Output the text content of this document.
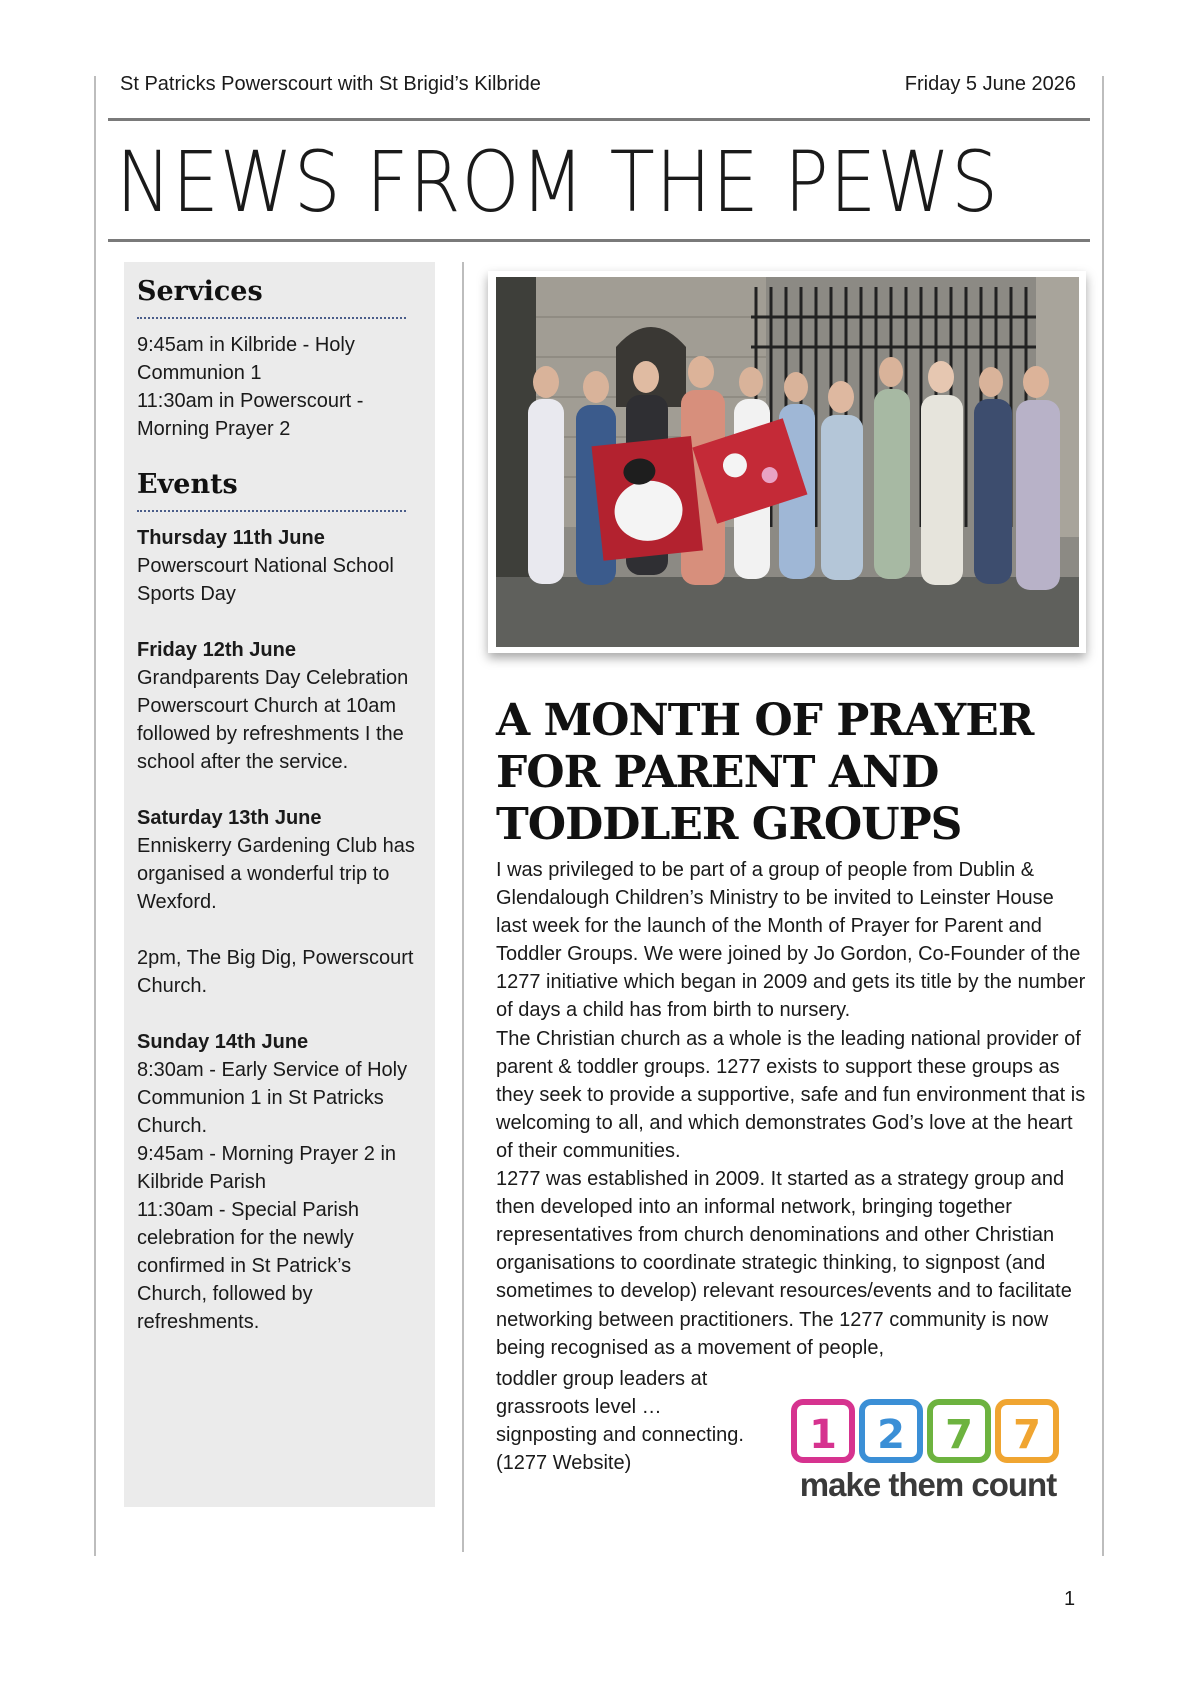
St Patricks Powerscourt with St Brigid’s Kilbride	Friday 5 June 2026
NEWS FROM THE PEWS
Services

9:45am in Kilbride - Holy Communion 1

11:30am in Powerscourt - Morning Prayer 2

Events
Thursday 11th June

Powerscourt National School Sports Day

Friday 12th June

Grandparents Day Celebration Powerscourt Church at 10am followed by refreshments I the school after the service.

Saturday 13th June

Enniskerry Gardening Club has organised a wonderful trip to Wexford.

2pm, The Big Dig, Powerscourt Church.

Sunday 14th June

8:30am - Early Service of Holy Communion 1 in St Patricks Church.

9:45am - Morning Prayer 2 in Kilbride Parish

11:30am - Special Parish celebration for the newly confirmed in St Patrick’s Church, followed by refreshments.

A MONTH OF PRAYER FOR PARENT AND TODDLER GROUPS

I was privileged to be part of a group of people from Dublin & Glendalough Children’s Ministry to be invited to Leinster House last week for the launch of the Month of Prayer for Parent and Toddler Groups. We were joined by Jo Gordon, Co-Founder of the 1277 initiative which began in 2009 and gets its title by the number of days a child has from birth to nursery.

The Christian church as a whole is the leading national provider of parent & toddler groups. 1277 exists to support these groups as they seek to provide a supportive, safe and fun environment that is welcoming to all, and which demonstrates God’s love at the heart of their communities.

1277 was established in 2009. It started as a strategy group and then developed into an informal network, bringing together representatives from church denominations and other Christian organisations to coordinate strategic thinking, to signpost (and sometimes to develop) relevant resources/events and to facilitate networking between practitioners. The 1277 community is now being recognised as a movement of people,

toddler group leaders at
grassroots level …
signposting and connecting.
(1277 Website)
1 2 7 7
make them count
1
